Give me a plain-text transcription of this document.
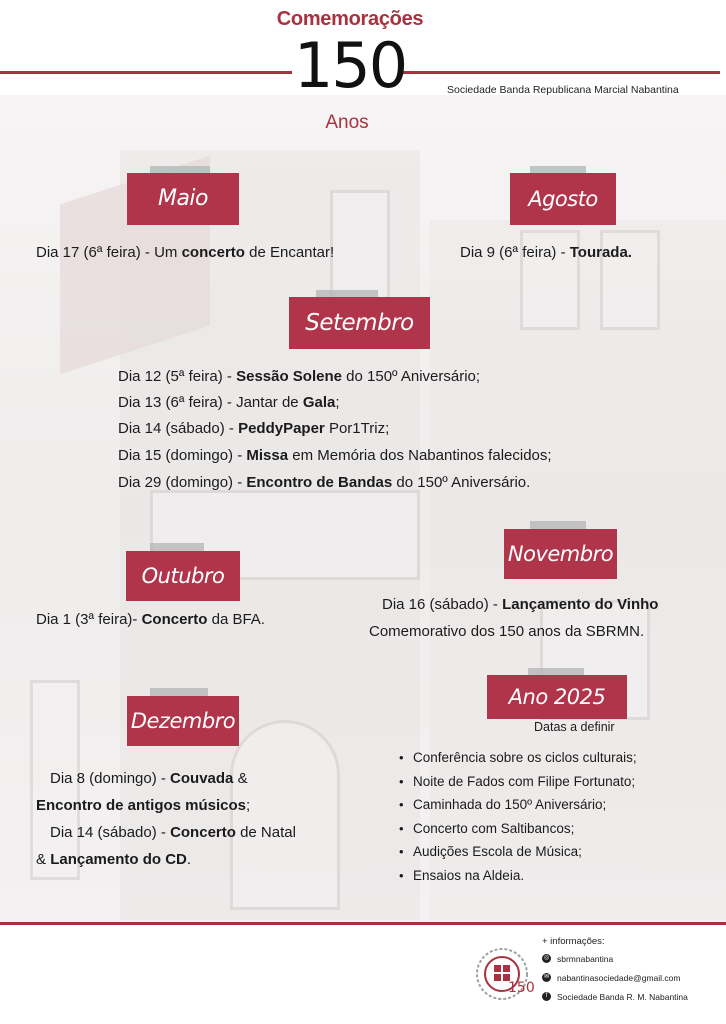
Comemorações
150
Anos
Sociedade Banda Republicana Marcial Nabantina
Maio
Dia 17 (6ª feira) - Um concerto de Encantar!
Agosto
Dia 9 (6ª feira) - Tourada.
Setembro
Dia 12 (5ª feira) - Sessão Solene do 150º Aniversário;
Dia 13 (6ª feira) - Jantar de Gala;
Dia 14 (sábado) - PeddyPaper Por1Triz;
Dia 15 (domingo) - Missa em Memória dos Nabantinos falecidos;
Dia 29 (domingo) - Encontro de Bandas do 150º Aniversário.
Outubro
Dia 1 (3ª feira)- Concerto da BFA.
Novembro
Dia 16 (sábado) - Lançamento do Vinho
Comemorativo dos 150 anos da SBRMN.
Dezembro
Dia 8 (domingo) - Couvada &
Encontro de antigos músicos;
Dia 14 (sábado) - Concerto de Natal
& Lançamento do CD.
Ano 2025
Datas a definir
• Conferência sobre os ciclos culturais;
• Noite de Fados com Filipe Fortunato;
• Caminhada do 150º Aniversário;
• Concerto com Saltibancos;
• Audições Escola de Música;
• Ensaios na Aldeia.
150
+ informações:
◎ sbrmnabantina
✉ nabantinasociedade@gmail.com
f	Sociedade Banda R. M. Nabantina
